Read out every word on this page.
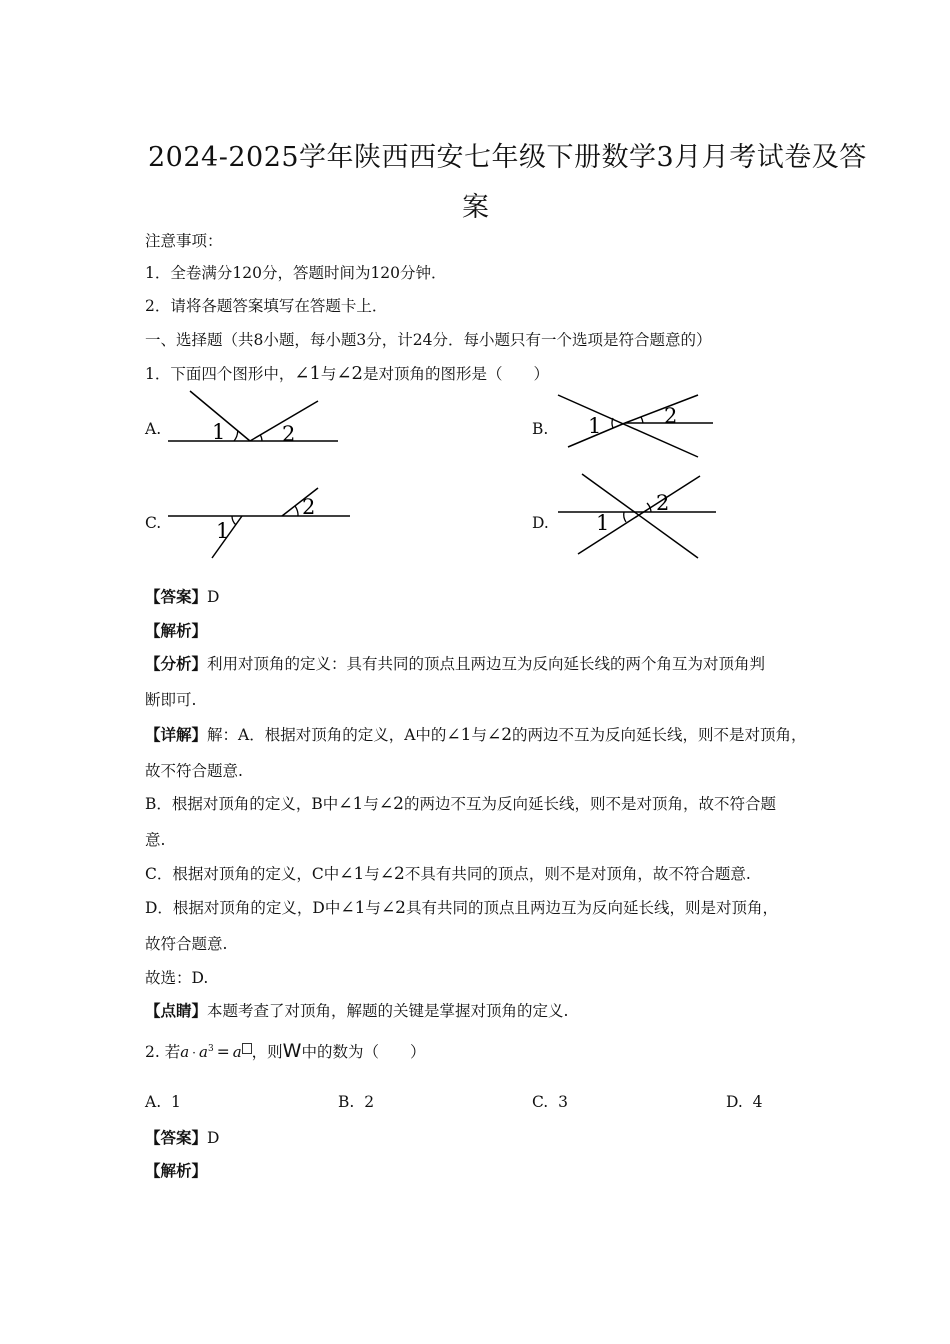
2024-2025学年陕西西安七年级下册数学3月月考试卷及答
案
注意事项：
1．全卷满分120分，答题时间为120分钟．
2．请将各题答案填写在答题卡上．
一、选择题（共8小题，每小题3分，计24分．每小题只有一个选项是符合题意的）
1．下面四个图形中，∠1与∠2是对顶角的图形是（　　）
A. 1	2	B. 1	2
C.	1
2
D. 1
2
【答案】D
【解析】
【分析】利用对顶角的定义：具有共同的顶点且两边互为反向延长线的两个角互为对顶角判
断即可.
【详解】解：A．根据对顶角的定义，A中的∠1与∠2的两边不互为反向延长线，则不是对顶角，
故不符合题意.
B．根据对顶角的定义，B中∠1与∠2的两边不互为反向延长线，则不是对顶角，故不符合题
意.
C．根据对顶角的定义，C中∠1与∠2不具有共同的顶点，则不是对顶角，故不符合题意.
D．根据对顶角的定义，D中∠1与∠2具有共同的顶点且两边互为反向延长线，则是对顶角，
故符合题意.
故选：D.
【点睛】本题考查了对顶角，解题的关键是掌握对顶角的定义.
2. 若$a \cdot a^3 = a$ ，则W中的数为（　　）
A. 1	B. 2	C. 3	D. 4
【答案】D
【解析】
